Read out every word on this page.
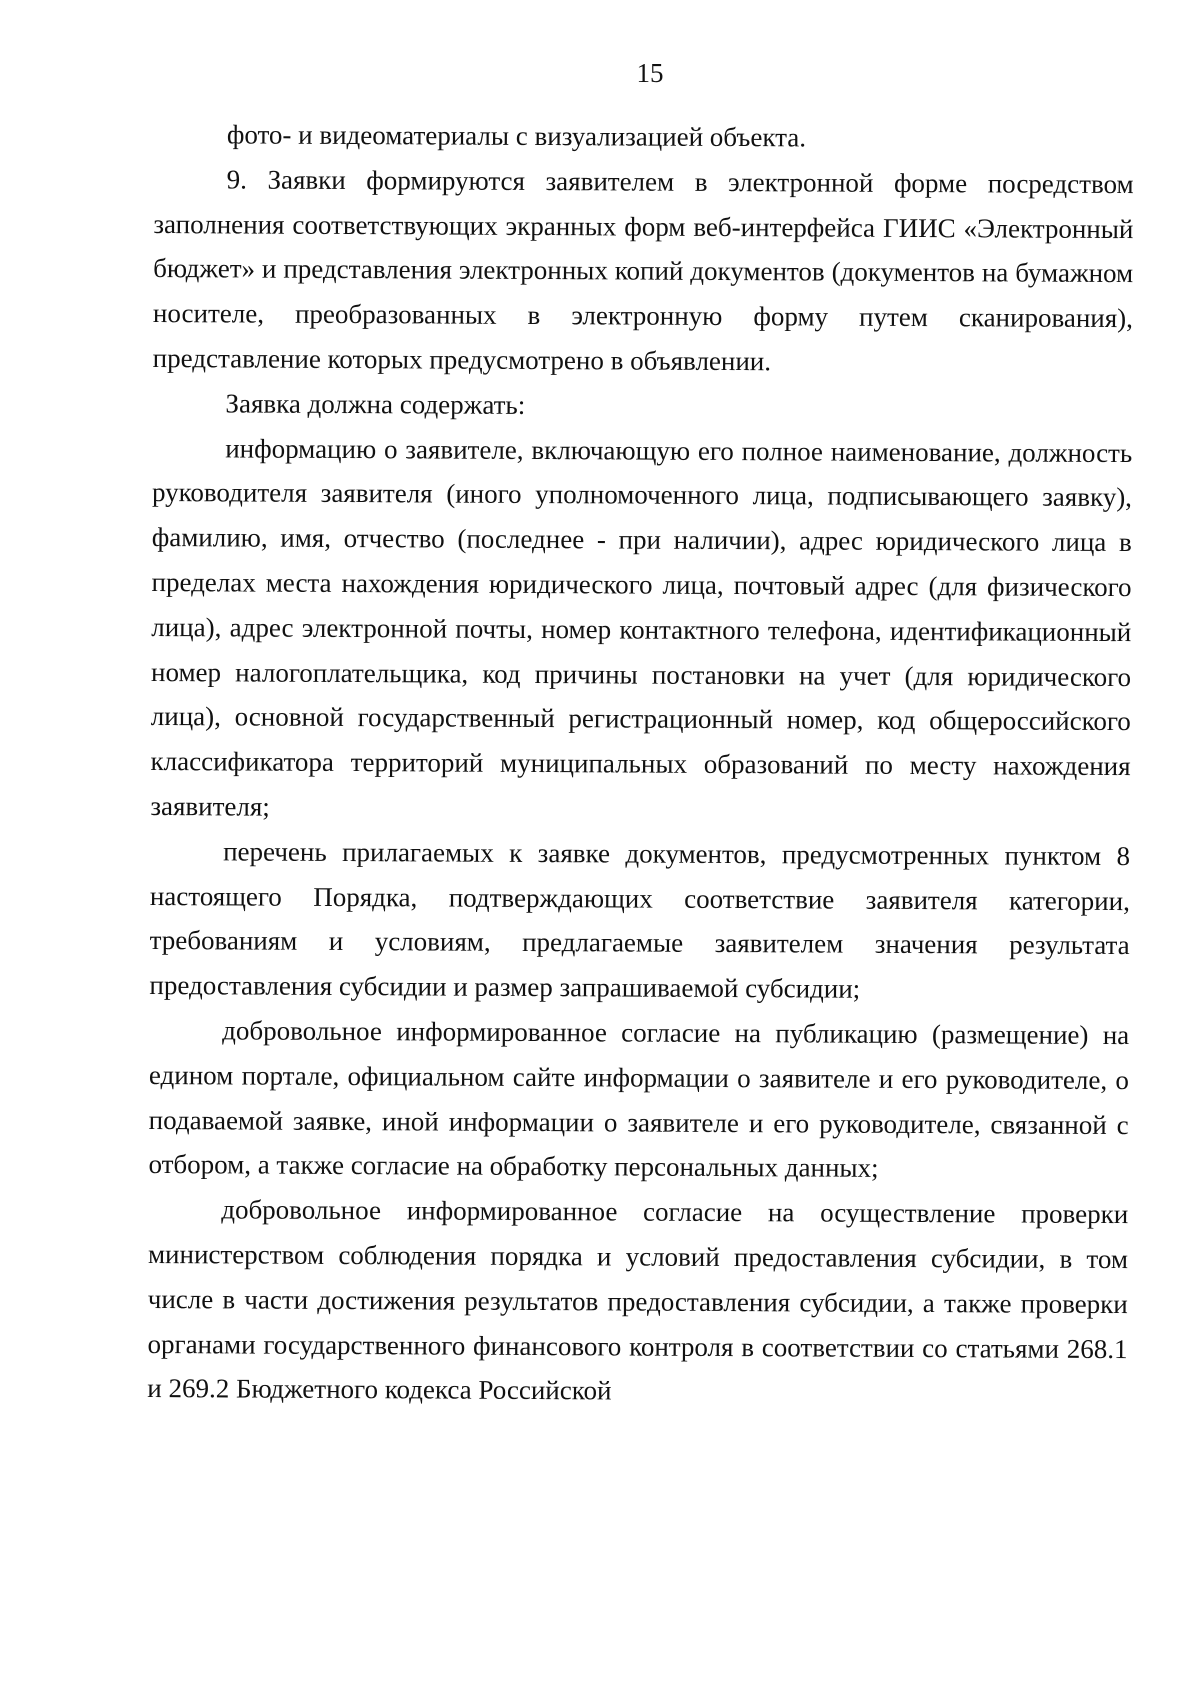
15

фото- и видеоматериалы с визуализацией объекта.

9. Заявки формируются заявителем в электронной форме посредством заполнения соответствующих экранных форм веб-интерфейса ГИИС «Электронный бюджет» и представления электронных копий документов (документов на бумажном носителе, преобразованных в электронную форму путем сканирования), представление которых предусмотрено в объявлении.

Заявка должна содержать:

информацию о заявителе, включающую его полное наименование, должность руководителя заявителя (иного уполномоченного лица, подписывающего заявку), фамилию, имя, отчество (последнее - при наличии), адрес юридического лица в пределах места нахождения юридического лица, почтовый адрес (для физического лица), адрес электронной почты, номер контактного телефона, идентификационный номер налогоплательщика, код причины постановки на учет (для юридического лица), основной государственный регистрационный номер, код общероссийского классификатора территорий муниципальных образований по месту нахождения заявителя;

перечень прилагаемых к заявке документов, предусмотренных пунктом 8 настоящего Порядка, подтверждающих соответствие заявителя категории, требованиям и условиям, предлагаемые заявителем значения результата предоставления субсидии и размер запрашиваемой субсидии;

добровольное информированное согласие на публикацию (размещение) на едином портале, официальном сайте информации о заявителе и его руководителе, о подаваемой заявке, иной информации о заявителе и его руководителе, связанной с отбором, а также согласие на обработку персональных данных;

добровольное информированное согласие на осуществление проверки министерством соблюдения порядка и условий предоставления субсидии, в том числе в части достижения результатов предоставления субсидии, а также проверки органами государственного финансового контроля в соответствии со статьями 268.1 и 269.2 Бюджетного кодекса Российской
